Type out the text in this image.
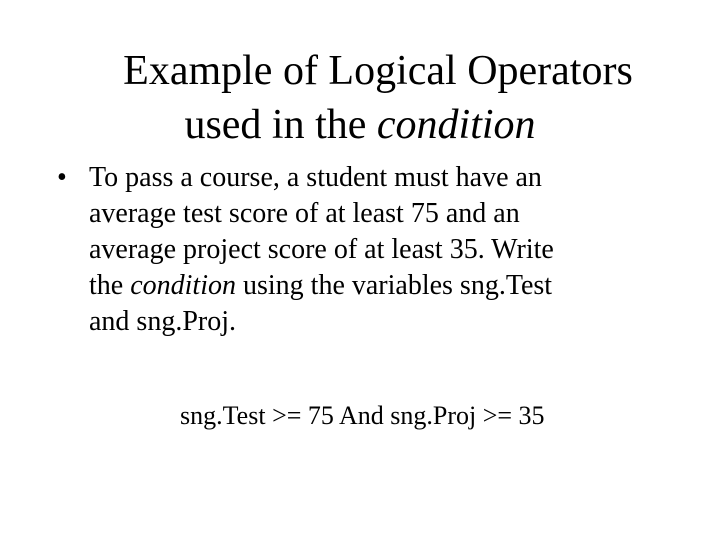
Example of Logical Operators
used in the condition
• To pass a course, a student must have an
average test score of at least 75 and an
average project score of at least 35. Write
the condition using the variables sng.Test
and sng.Proj.
sng.Test >= 75 And sng.Proj >= 35
